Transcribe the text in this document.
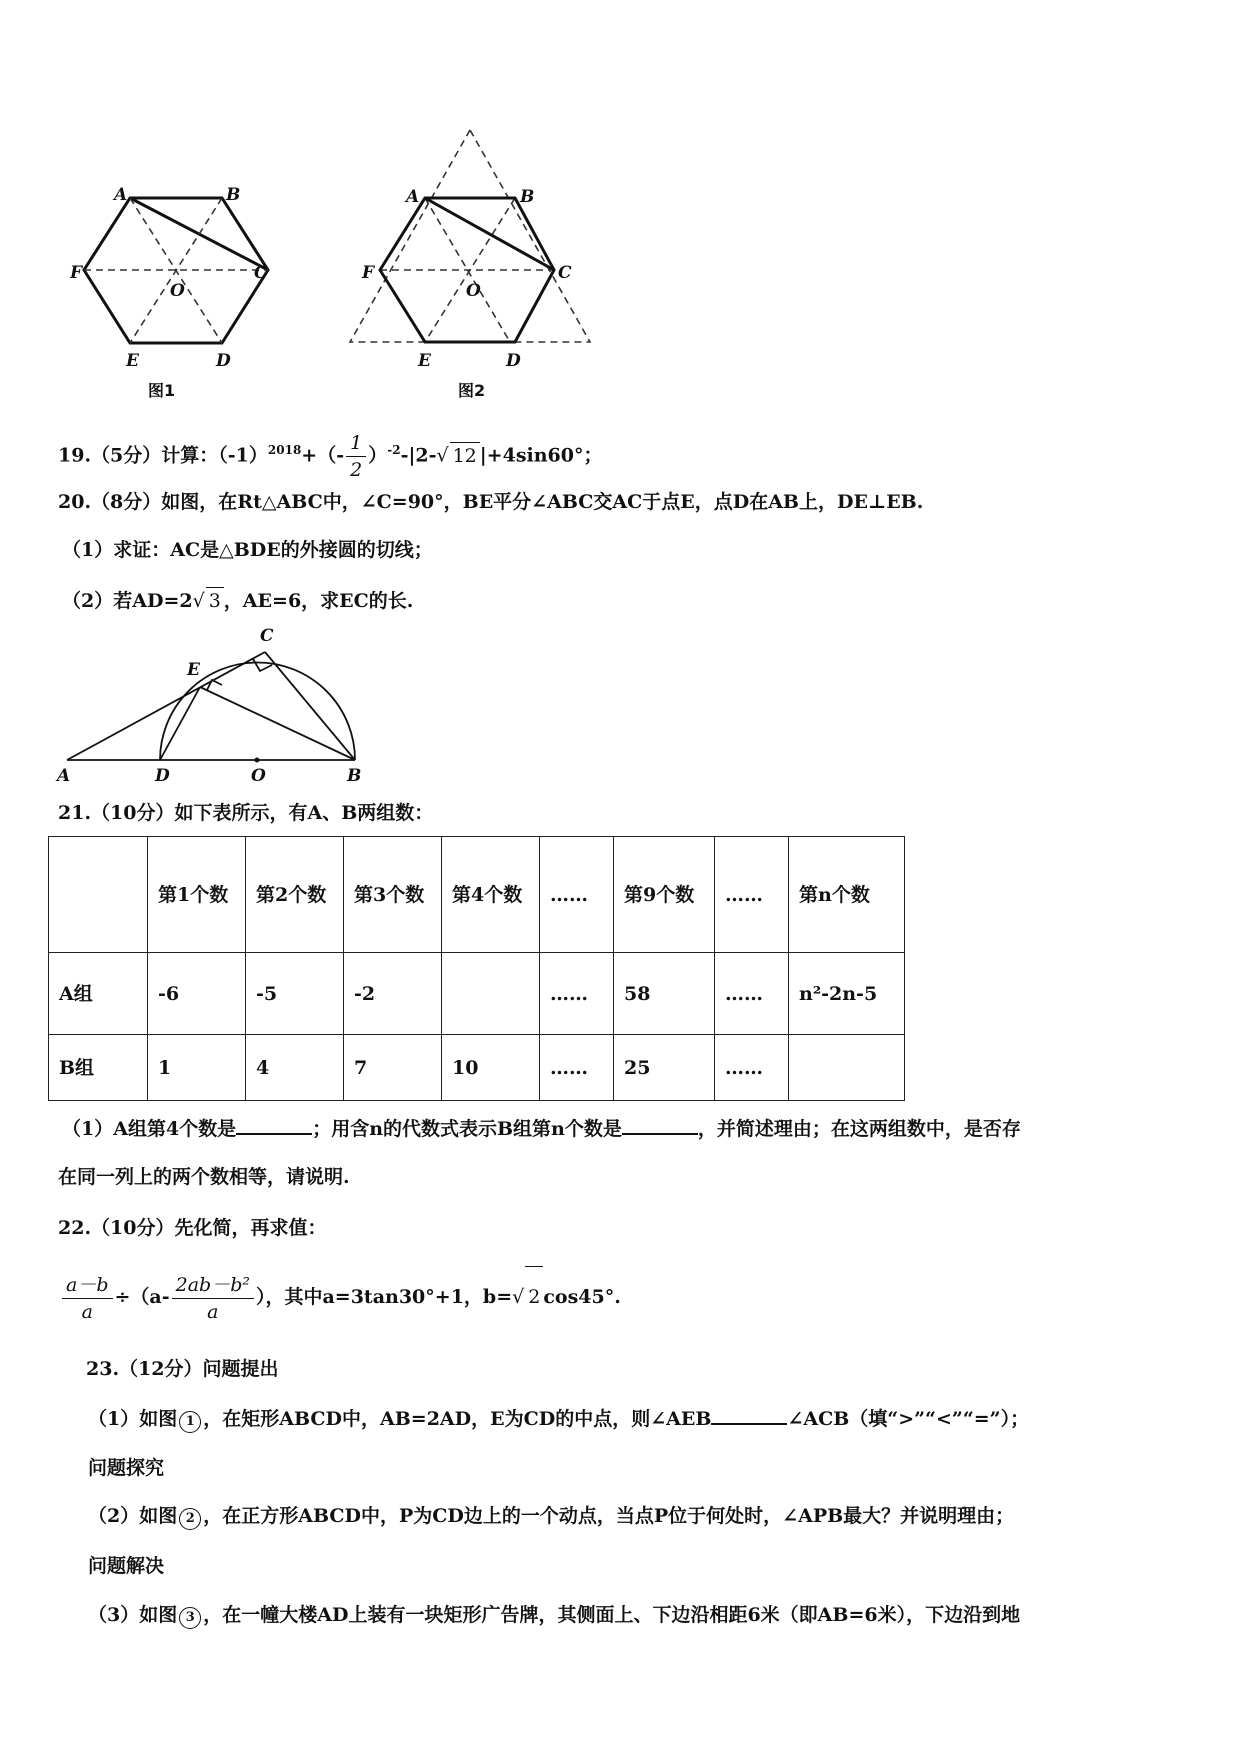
A	B
C
F
O
E	D
图1
A	B
C
F
O
E	D
图2
19.（5分）计算：$(-1)^{2018}+(- \frac{1}{2} )^{-2}-|2-√$ 12 |+4sin60°；
20.（8分）如图，在Rt△ABC中，∠C=90°，BE平分∠ABC交AC于点E，点D在AB上，DE⊥EB.
（1）求证：AC是△BDE的外接圆的切线；
（2）若AD=2√ 3 ，AE=6，求EC的长.
A	D	O	B
E
C
21.（10分）如下表所示，有A、B两组数：
	第1个数	第2个数	第3个数	第4个数	……	第9个数	……	第n个数
A组	-6	-5	-2		……	58	……	n²-2n-5
B组	1	4	7	10	……	25	……	
（1）A组第4个数是	；用含n的代数式表示B组第n个数是	，并简述理由；在这两组数中，是否存
在同一列上的两个数相等，请说明.
22.（10分）先化简，再求值：
$\frac{a-b}{a} \div(a- \frac{\text{2ab－b²}}{a}$ ），其中a=3tan30°+1，b=√ 2 cos45°.
23.（12分）问题提出
（1）如图 1 ，在矩形ABCD中，AB=2AD，E为CD的中点，则∠AEB	∠ACB（填“>”“<”“=”）；
问题探究
（2）如图 2 ，在正方形ABCD中，P为CD边上的一个动点，当点P位于何处时，∠APB最大？并说明理由；
问题解决
（3）如图 3 ，在一幢大楼AD上装有一块矩形广告牌，其侧面上、下边沿相距6米（即AB=6米），下边沿到地
